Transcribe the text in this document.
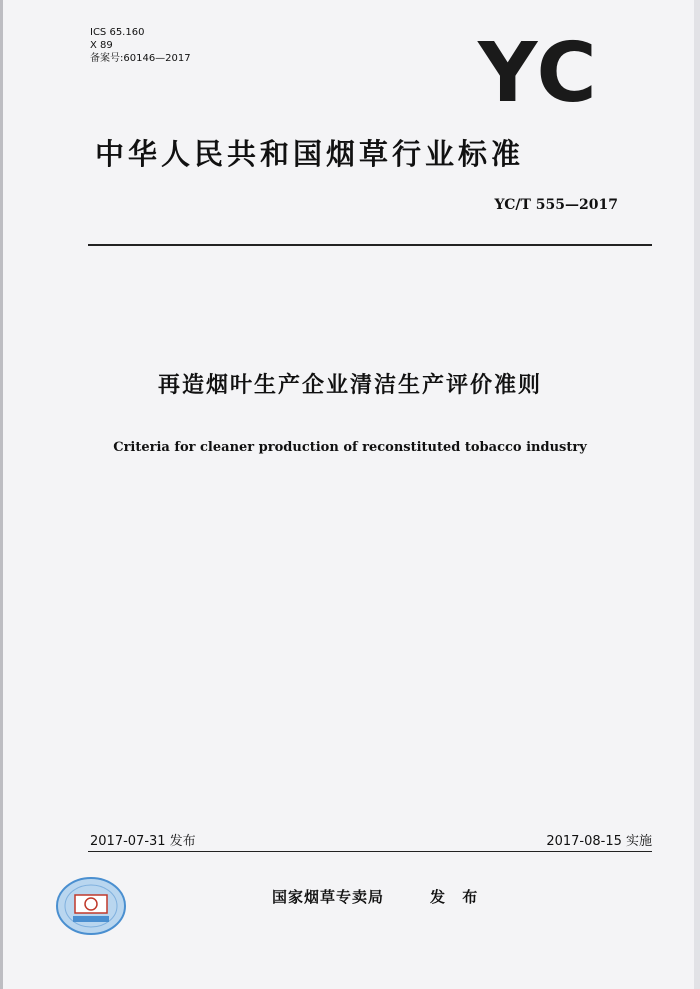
ICS 65.160
X 89
备案号:60146—2017	YC
中华人民共和国烟草行业标准
YC/T 555—2017
再造烟叶生产企业清洁生产评价准则
Criteria for cleaner production of reconstituted tobacco industry
2017-07-31 发布	2017-08-15 实施
国家烟草专卖局	发 布
